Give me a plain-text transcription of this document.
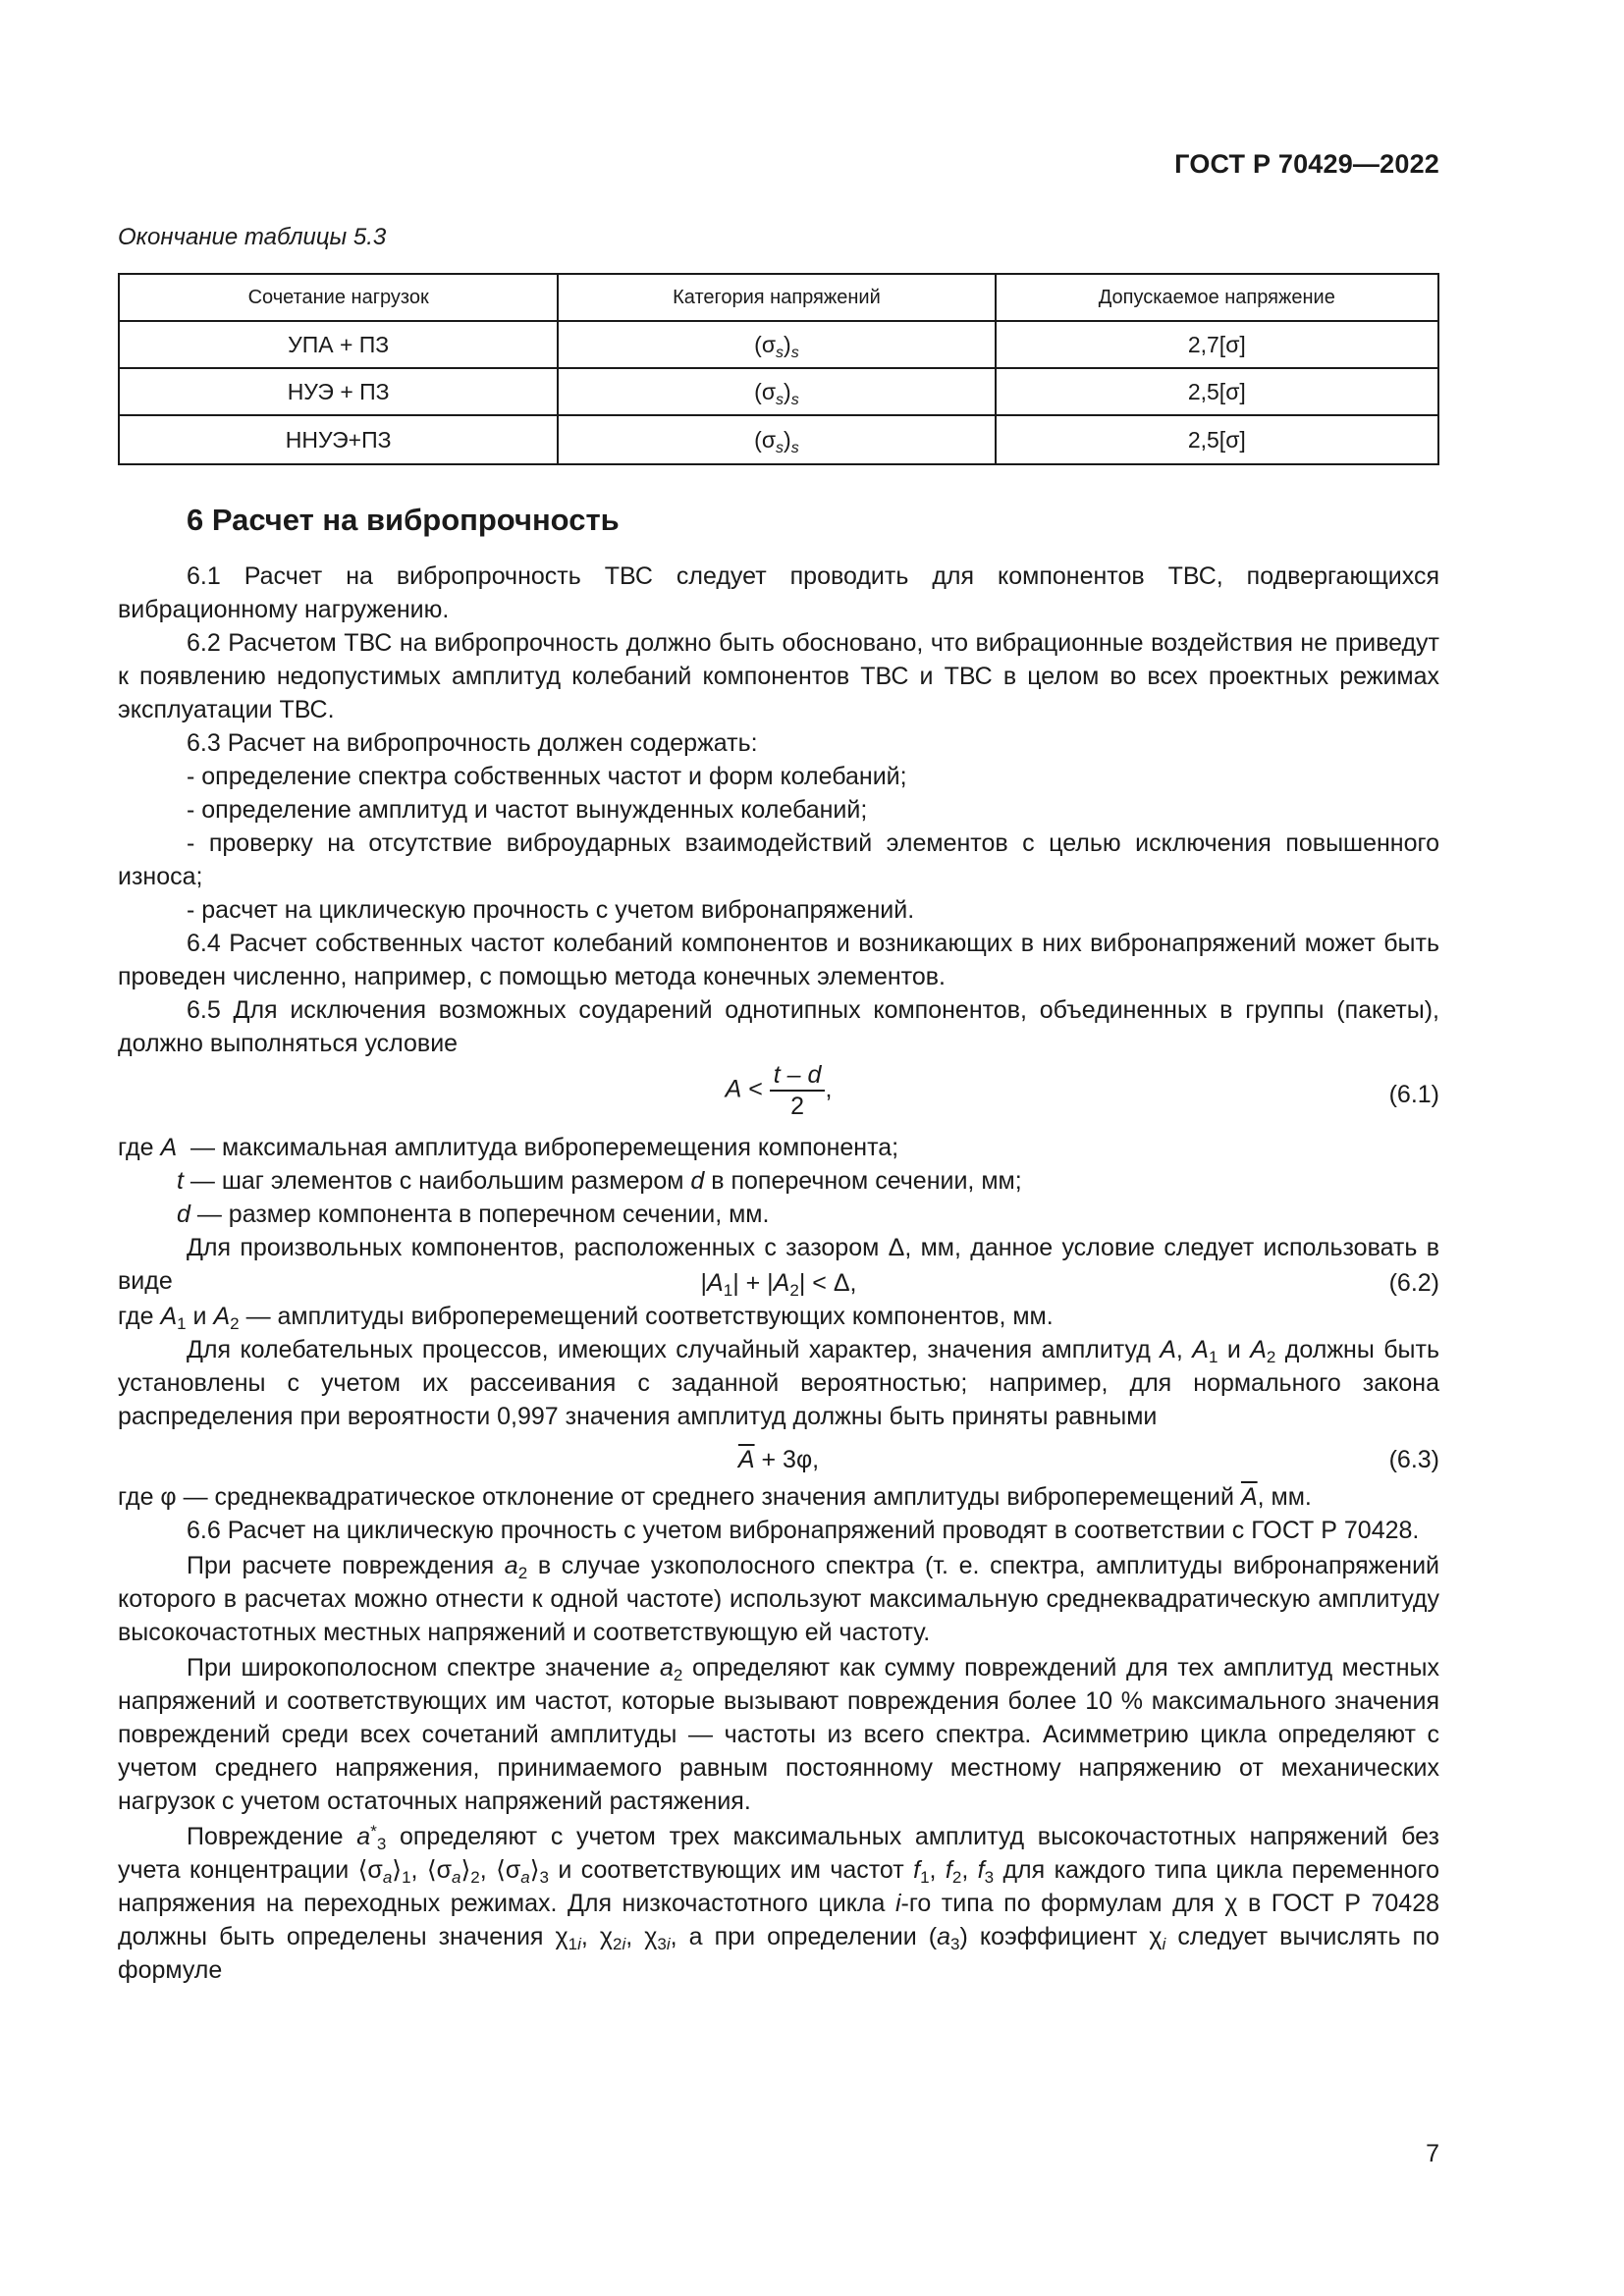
ГОСТ Р 70429—2022
Окончание таблицы 5.3
Сочетание нагрузок	Категория напряжений	Допускаемое напряжение
УПА + ПЗ	$(\sigma_s)_s$	2,7[σ]
НУЭ + ПЗ	$(\sigma_s)_s$	2,5[σ]
ННУЭ+ПЗ	$(\sigma_s)_s$	2,5[σ]
6 Расчет на вибропрочность

6.1 Расчет на вибропрочность ТВС следует проводить для компонентов ТВС, подвергающихся вибрационному нагружению.

6.2 Расчетом ТВС на вибропрочность должно быть обосновано, что вибрационные воздействия не приведут к появлению недопустимых амплитуд колебаний компонентов ТВС и ТВС в целом во всех проектных режимах эксплуатации ТВС.

6.3 Расчет на вибропрочность должен содержать:

- определение спектра собственных частот и форм колебаний;

- определение амплитуд и частот вынужденных колебаний;

- проверку на отсутствие виброударных взаимодействий элементов с целью исключения повышенного износа;

- расчет на циклическую прочность с учетом вибронапряжений.

6.4 Расчет собственных частот колебаний компонентов и возникающих в них вибронапряжений может быть проведен численно, например, с помощью метода конечных элементов.

6.5 Для исключения возможных соударений однотипных компонентов, объединенных в группы (пакеты), должно выполняться условие

$A < \frac{t - d}{2}$ ,	(6.1)

где A — максимальная амплитуда виброперемещения компонента;

t — шаг элементов с наибольшим размером d в поперечном сечении, мм;

d — размер компонента в поперечном сечении, мм.

Для произвольных компонентов, расположенных с зазором Δ, мм, данное условие следует использовать в виде	$|A_1| + |A_2| < \Delta$,	(6.2)

где $A_1$ и $A_2$ — амплитуды виброперемещений соответствующих компонентов, мм.

Для колебательных процессов, имеющих случайный характер, значения амплитуд A, $A_1$ и $A_2$ должны быть установлены с учетом их рассеивания с заданной вероятностью; например, для нормального закона распределения при вероятности 0,997 значения амплитуд должны быть приняты равными

$\overline{A} + 3\varphi$,	(6.3)

где φ — среднеквадратическое отклонение от среднего значения амплитуды виброперемещений $\overline{A}$, мм.

6.6 Расчет на циклическую прочность с учетом вибронапряжений проводят в соответствии с ГОСТ Р 70428.

При расчете повреждения $a_2$ в случае узкополосного спектра (т. е. спектра, амплитуды вибронапряжений которого в расчетах можно отнести к одной частоте) используют максимальную среднеквадратическую амплитуду высокочастотных местных напряжений и соответствующую ей частоту.

При широкополосном спектре значение $a_2$ определяют как сумму повреждений для тех амплитуд местных напряжений и соответствующих им частот, которые вызывают повреждения более 10 % максимального значения повреждений среди всех сочетаний амплитуды — частоты из всего спектра. Асимметрию цикла определяют с учетом среднего напряжения, принимаемого равным постоянному местному напряжению от механических нагрузок с учетом остаточных напряжений растяжения.

Повреждение $a^*_3$ определяют с учетом трех максимальных амплитуд высокочастотных напряжений без учета концентрации $⟨\sigma_a⟩_1$, $⟨\sigma_a⟩_2$, $⟨\sigma_a⟩_3$ и соответствующих им частот $f_1$, $f_2$, $f_3$ для каждого типа цикла переменного напряжения на переходных режимах. Для низкочастотного цикла i-го типа по формулам для χ в ГОСТ Р 70428 должны быть определены значения $\chi_{1i}$, $\chi_{2i}$, $\chi_{3i}$, а при определении $(a_3)$ коэффициент $\chi_i$ следует вычислять по формуле

7
